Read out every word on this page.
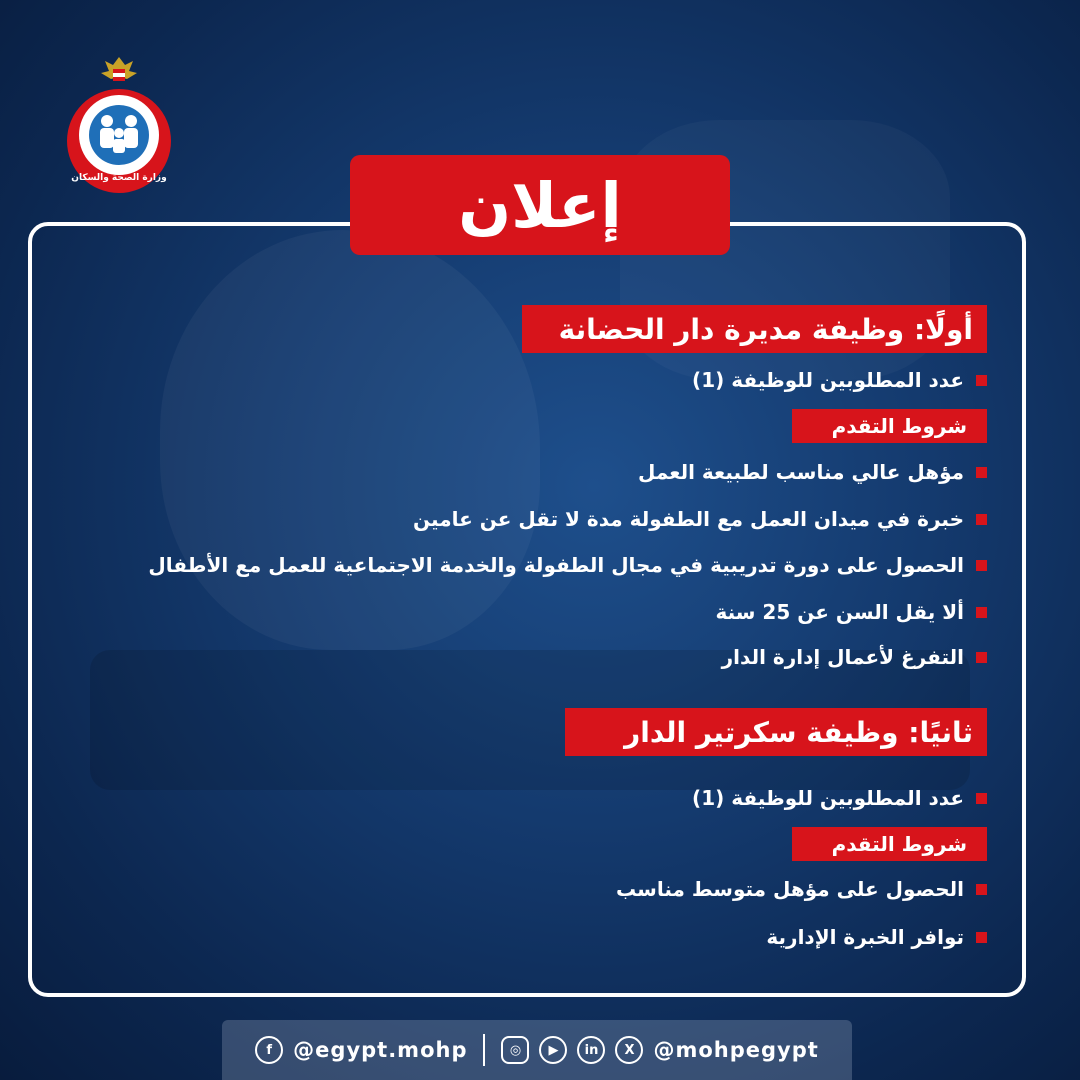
وزارة الصحة والسكان	إعلان
أولًا: وظيفة مديرة دار الحضانة
عدد المطلوبين للوظيفة (1)
شروط التقدم
مؤهل عالي مناسب لطبيعة العمل
خبرة في ميدان العمل مع الطفولة مدة لا تقل عن عامين
الحصول على دورة تدريبية في مجال الطفولة والخدمة الاجتماعية للعمل مع الأطفال
ألا يقل السن عن 25 سنة
التفرغ لأعمال إدارة الدار
ثانيًا: وظيفة سكرتير الدار
عدد المطلوبين للوظيفة (1)
شروط التقدم
الحصول على مؤهل متوسط مناسب
توافر الخبرة الإدارية
f	@egypt.mohp	◎	▶	in	X @mohpegypt
